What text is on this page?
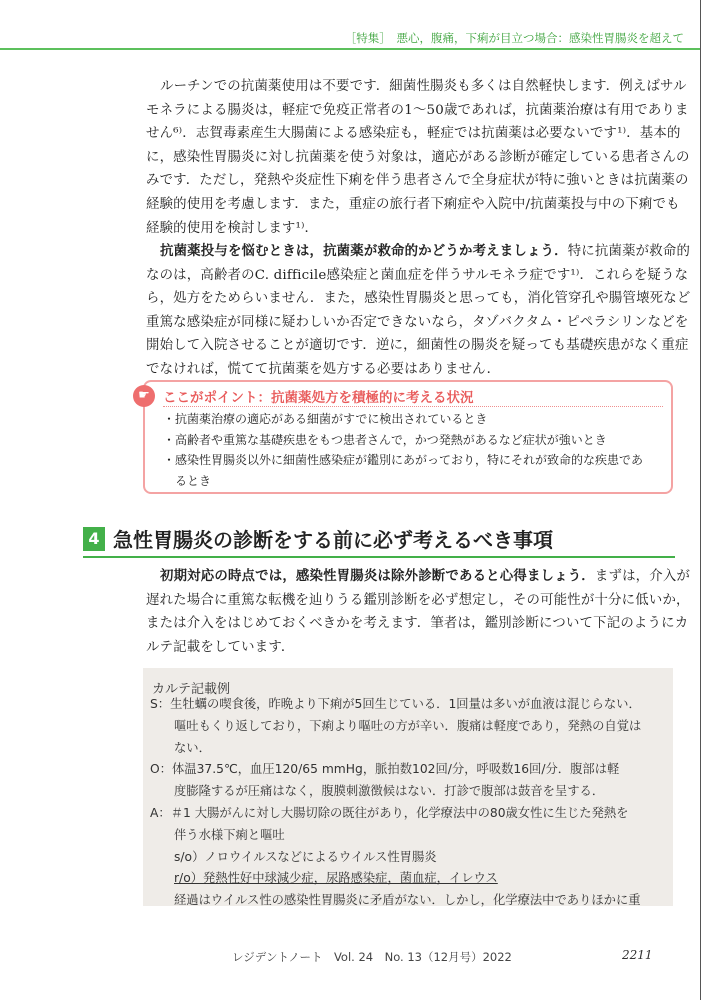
［特集］　悪心，腹痛，下痢が目立つ場合：感染性胃腸炎を超えて
ルーチンでの抗菌薬使用は不要です．細菌性腸炎も多くは自然軽快します．例えばサル
モネラによる腸炎は，軽症で免疫正常者の1～50歳であれば，抗菌薬治療は有用でありま
せん⁶⁾．志賀毒素産生大腸菌による感染症も，軽症では抗菌薬は必要ないです¹⁾．基本的
に，感染性胃腸炎に対し抗菌薬を使う対象は，適応がある診断が確定している患者さんの
みです．ただし，発熱や炎症性下痢を伴う患者さんで全身症状が特に強いときは抗菌薬の
経験的使用を考慮します．また，重症の旅行者下痢症や入院中/抗菌薬投与中の下痢でも
経験的使用を検討します¹⁾．
抗菌薬投与を悩むときは，抗菌薬が救命的かどうか考えましょう．特に抗菌薬が救命的
なのは，高齢者のC. difficile感染症と菌血症を伴うサルモネラ症です¹⁾．これらを疑うな
ら，処方をためらいません．また，感染性胃腸炎と思っても，消化管穿孔や腸管壊死など
重篤な感染症が同様に疑わしいか否定できないなら，タゾバクタム・ピペラシリンなどを
開始して入院させることが適切です．逆に，細菌性の腸炎を疑っても基礎疾患がなく重症
でなければ，慌てて抗菌薬を処方する必要はありません．
☛ ここがポイント：抗菌薬処方を積極的に考える状況
・抗菌薬治療の適応がある細菌がすでに検出されているとき
・高齢者や重篤な基礎疾患をもつ患者さんで，かつ発熱があるなど症状が強いとき
・感染性胃腸炎以外に細菌性感染症が鑑別にあがっており，特にそれが致命的な疾患であ
るとき
4 急性胃腸炎の診断をする前に必ず考えるべき事項
初期対応の時点では，感染性胃腸炎は除外診断であると心得ましょう．まずは，介入が
遅れた場合に重篤な転機を辿りうる鑑別診断を必ず想定し，その可能性が十分に低いか，
または介入をはじめておくべきかを考えます．筆者は，鑑別診断について下記のようにカ
ルテ記載をしています．
カルテ記載例
S：生牡蠣の喫食後，昨晩より下痢が5回生じている．1回量は多いが血液は混じらない．
嘔吐もくり返しており，下痢より嘔吐の方が辛い．腹痛は軽度であり，発熱の自覚は
ない．
O：体温37.5℃，血圧120/65 mmHg，脈拍数102回/分，呼吸数16回/分．腹部は軽
度膨隆するが圧痛はなく，腹膜刺激徴候はない．打診で腹部は鼓音を呈する．
A：＃1 大腸がんに対し大腸切除の既往があり，化学療法中の80歳女性に生じた発熱を
伴う水様下痢と嘔吐
s/o）ノロウイルスなどによるウイルス性胃腸炎
r/o）発熱性好中球減少症，尿路感染症，菌血症，イレウス
経過はウイルス性の感染性胃腸炎に矛盾がない．しかし，化学療法中でありほかに重
レジデントノート　Vol. 24　No. 13（12月号）2022	2211
